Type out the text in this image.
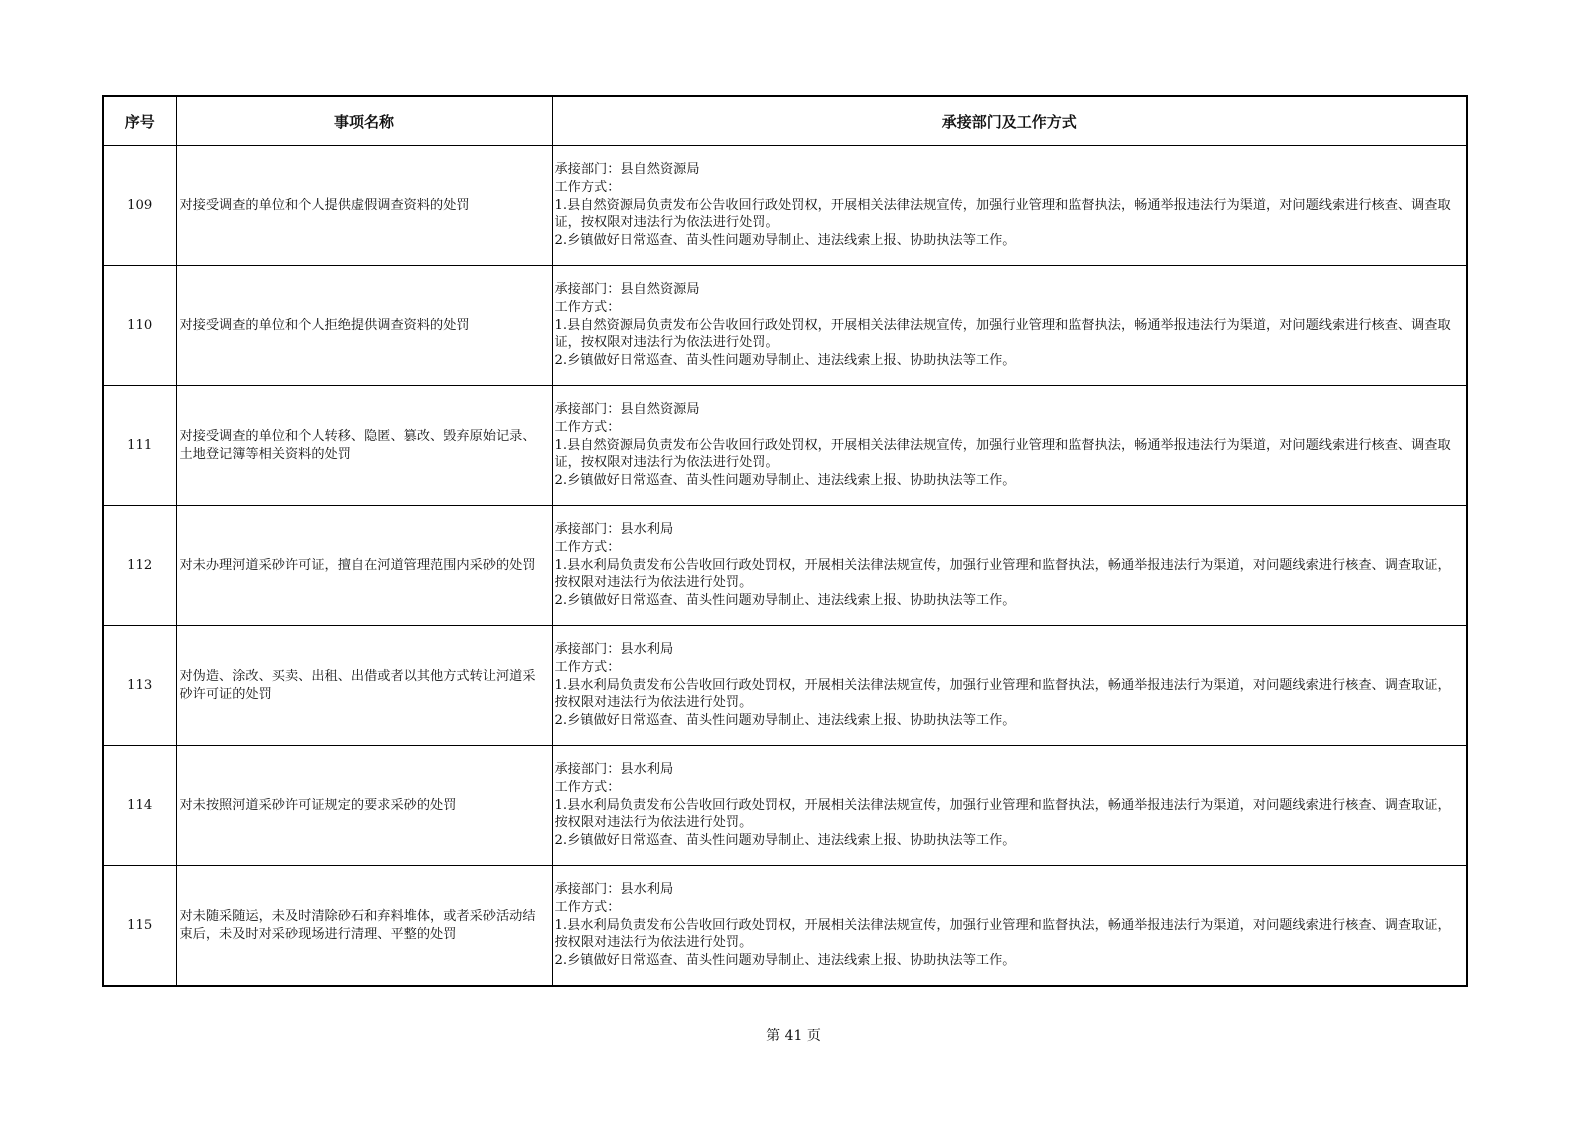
序号	事项名称	承接部门及工作方式
109	对接受调查的单位和个人提供虚假调查资料的处罚	承接部门：县自然资源局
工作方式：
1.县自然资源局负责发布公告收回行政处罚权，开展相关法律法规宣传，加强行业管理和监督执法，畅通举报违法行为渠道，对问题线索进行核查、调查取证，按权限对违法行为依法进行处罚。
2.乡镇做好日常巡查、苗头性问题劝导制止、违法线索上报、协助执法等工作。

110	对接受调查的单位和个人拒绝提供调查资料的处罚	承接部门：县自然资源局
工作方式：
1.县自然资源局负责发布公告收回行政处罚权，开展相关法律法规宣传，加强行业管理和监督执法，畅通举报违法行为渠道，对问题线索进行核查、调查取证，按权限对违法行为依法进行处罚。
2.乡镇做好日常巡查、苗头性问题劝导制止、违法线索上报、协助执法等工作。

111	对接受调查的单位和个人转移、隐匿、篡改、毁弃原始记录、土地登记簿等相关资料的处罚	承接部门：县自然资源局
工作方式：
1.县自然资源局负责发布公告收回行政处罚权，开展相关法律法规宣传，加强行业管理和监督执法，畅通举报违法行为渠道，对问题线索进行核查、调查取证，按权限对违法行为依法进行处罚。
2.乡镇做好日常巡查、苗头性问题劝导制止、违法线索上报、协助执法等工作。

112	对未办理河道采砂许可证，擅自在河道管理范围内采砂的处罚	承接部门：县水利局
工作方式：
1.县水利局负责发布公告收回行政处罚权，开展相关法律法规宣传，加强行业管理和监督执法，畅通举报违法行为渠道，对问题线索进行核查、调查取证，按权限对违法行为依法进行处罚。
2.乡镇做好日常巡查、苗头性问题劝导制止、违法线索上报、协助执法等工作。

113	对伪造、涂改、买卖、出租、出借或者以其他方式转让河道采砂许可证的处罚	承接部门：县水利局
工作方式：
1.县水利局负责发布公告收回行政处罚权，开展相关法律法规宣传，加强行业管理和监督执法，畅通举报违法行为渠道，对问题线索进行核查、调查取证，按权限对违法行为依法进行处罚。
2.乡镇做好日常巡查、苗头性问题劝导制止、违法线索上报、协助执法等工作。

114	对未按照河道采砂许可证规定的要求采砂的处罚	承接部门：县水利局
工作方式：
1.县水利局负责发布公告收回行政处罚权，开展相关法律法规宣传，加强行业管理和监督执法，畅通举报违法行为渠道，对问题线索进行核查、调查取证，按权限对违法行为依法进行处罚。
2.乡镇做好日常巡查、苗头性问题劝导制止、违法线索上报、协助执法等工作。

115	对未随采随运，未及时清除砂石和弃料堆体，或者采砂活动结束后，未及时对采砂现场进行清理、平整的处罚	承接部门：县水利局
工作方式：
1.县水利局负责发布公告收回行政处罚权，开展相关法律法规宣传，加强行业管理和监督执法，畅通举报违法行为渠道，对问题线索进行核查、调查取证，按权限对违法行为依法进行处罚。
2.乡镇做好日常巡查、苗头性问题劝导制止、违法线索上报、协助执法等工作。
第 41 页
